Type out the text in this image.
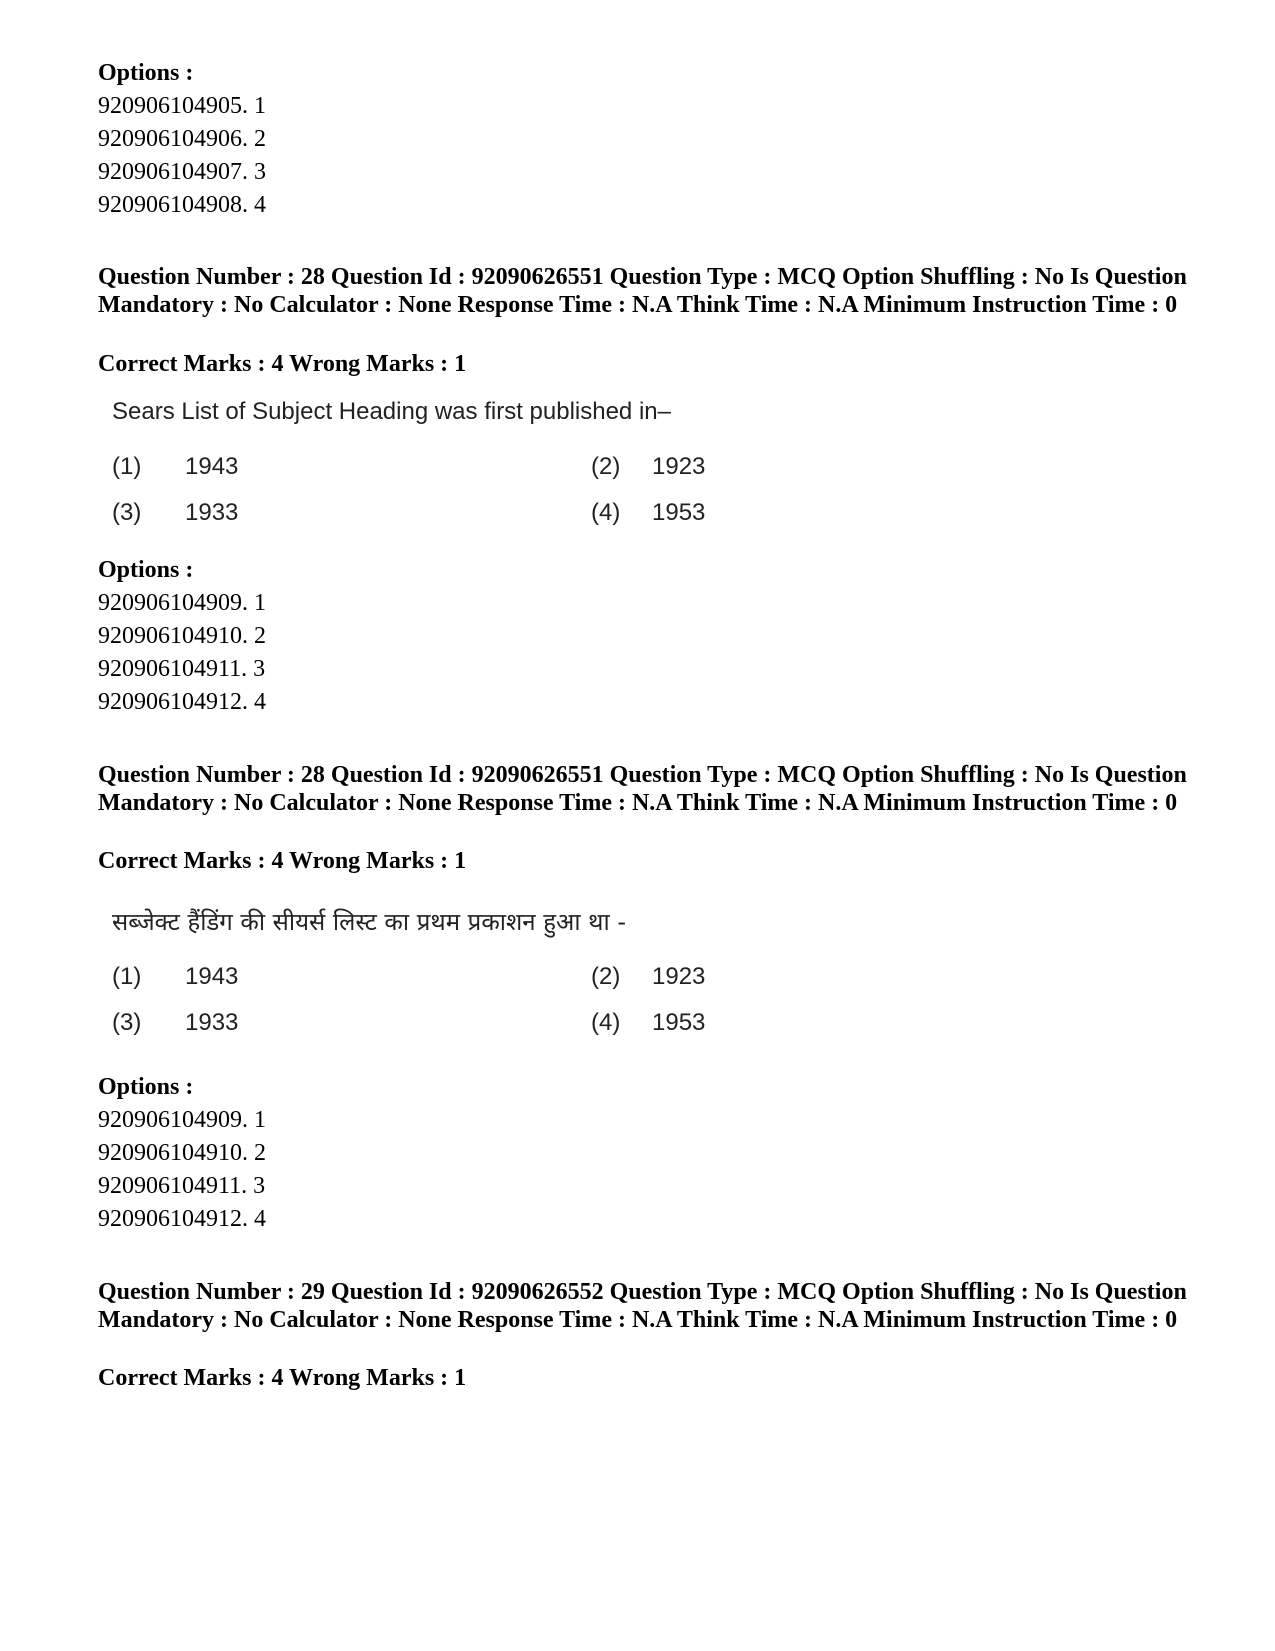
Options :
920906104905. 1
920906104906. 2
920906104907. 3
920906104908. 4
Question Number : 28 Question Id : 92090626551 Question Type : MCQ Option Shuffling : No Is Question Mandatory : No Calculator : None Response Time : N.A Think Time : N.A Minimum Instruction Time : 0
Correct Marks : 4 Wrong Marks : 1
Sears List of Subject Heading was first published in–
(1) 1943	(2) 1923
(3) 1933	(4) 1953
Options :
920906104909. 1
920906104910. 2
920906104911. 3
920906104912. 4
Question Number : 28 Question Id : 92090626551 Question Type : MCQ Option Shuffling : No Is Question Mandatory : No Calculator : None Response Time : N.A Think Time : N.A Minimum Instruction Time : 0
Correct Marks : 4 Wrong Marks : 1
सब्जेक्ट हैंडिंग की सीयर्स लिस्ट का प्रथम प्रकाशन हुआ था -
(1) 1943	(2) 1923
(3) 1933	(4) 1953
Options :
920906104909. 1
920906104910. 2
920906104911. 3
920906104912. 4
Question Number : 29 Question Id : 92090626552 Question Type : MCQ Option Shuffling : No Is Question Mandatory : No Calculator : None Response Time : N.A Think Time : N.A Minimum Instruction Time : 0
Correct Marks : 4 Wrong Marks : 1
